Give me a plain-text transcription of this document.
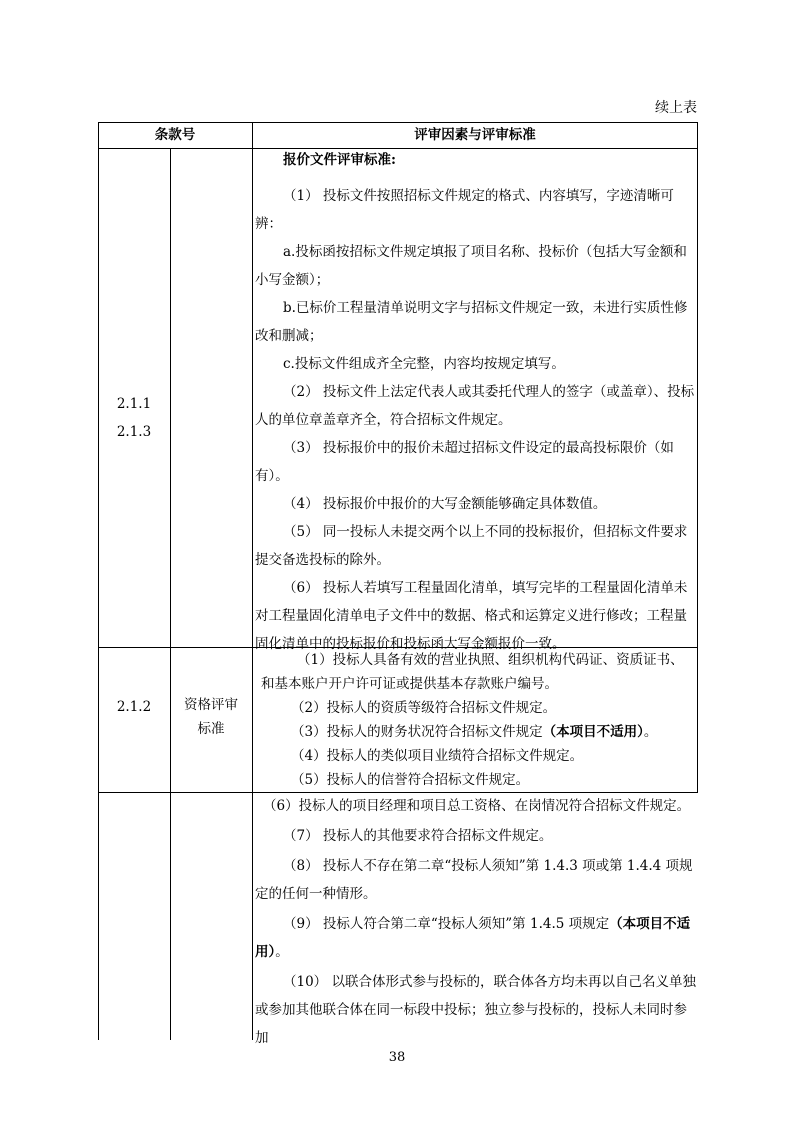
续上表
条款号	评审因素与评审标准
2.1.1
2.1.3

报价文件评审标准:

（1） 投标文件按照招标文件规定的格式、内容填写，字迹清晰可辨：

a.投标函按招标文件规定填报了项目名称、投标价（包括大写金额和小写金额）；

b.已标价工程量清单说明文字与招标文件规定一致，未进行实质性修改和删减；

c.投标文件组成齐全完整，内容均按规定填写。

（2） 投标文件上法定代表人或其委托代理人的签字（或盖章）、投标人的单位章盖章齐全，符合招标文件规定。

（3） 投标报价中的报价未超过招标文件设定的最高投标限价（如有）。

（4） 投标报价中报价的大写金额能够确定具体数值。

（5） 同一投标人未提交两个以上不同的投标报价，但招标文件要求提交备选投标的除外。

（6） 投标人若填写工程量固化清单，填写完毕的工程量固化清单未对工程量固化清单电子文件中的数据、格式和运算定义进行修改；工程量固化清单中的投标报价和投标函大写金额报价一致。

2.1.2	资格评审
标准

（1）投标人具备有效的营业执照、组织机构代码证、资质证书、和基本账户开户许可证或提供基本存款账户编号。

（2）投标人的资质等级符合招标文件规定。

（3）投标人的财务状况符合招标文件规定（本项目不适用）。

（4）投标人的类似项目业绩符合招标文件规定。

（5）投标人的信誉符合招标文件规定。

（6）投标人的项目经理和项目总工资格、在岗情况符合招标文件规定。

（7） 投标人的其他要求符合招标文件规定。

（8） 投标人不存在第二章“投标人须知”第 1.4.3 项或第 1.4.4 项规定的任何一种情形。

（9） 投标人符合第二章“投标人须知”第 1.4.5 项规定（本项目不适用）。

（10） 以联合体形式参与投标的，联合体各方均未再以自己名义单独或参加其他联合体在同一标段中投标；独立参与投标的，投标人未同时参加

38
